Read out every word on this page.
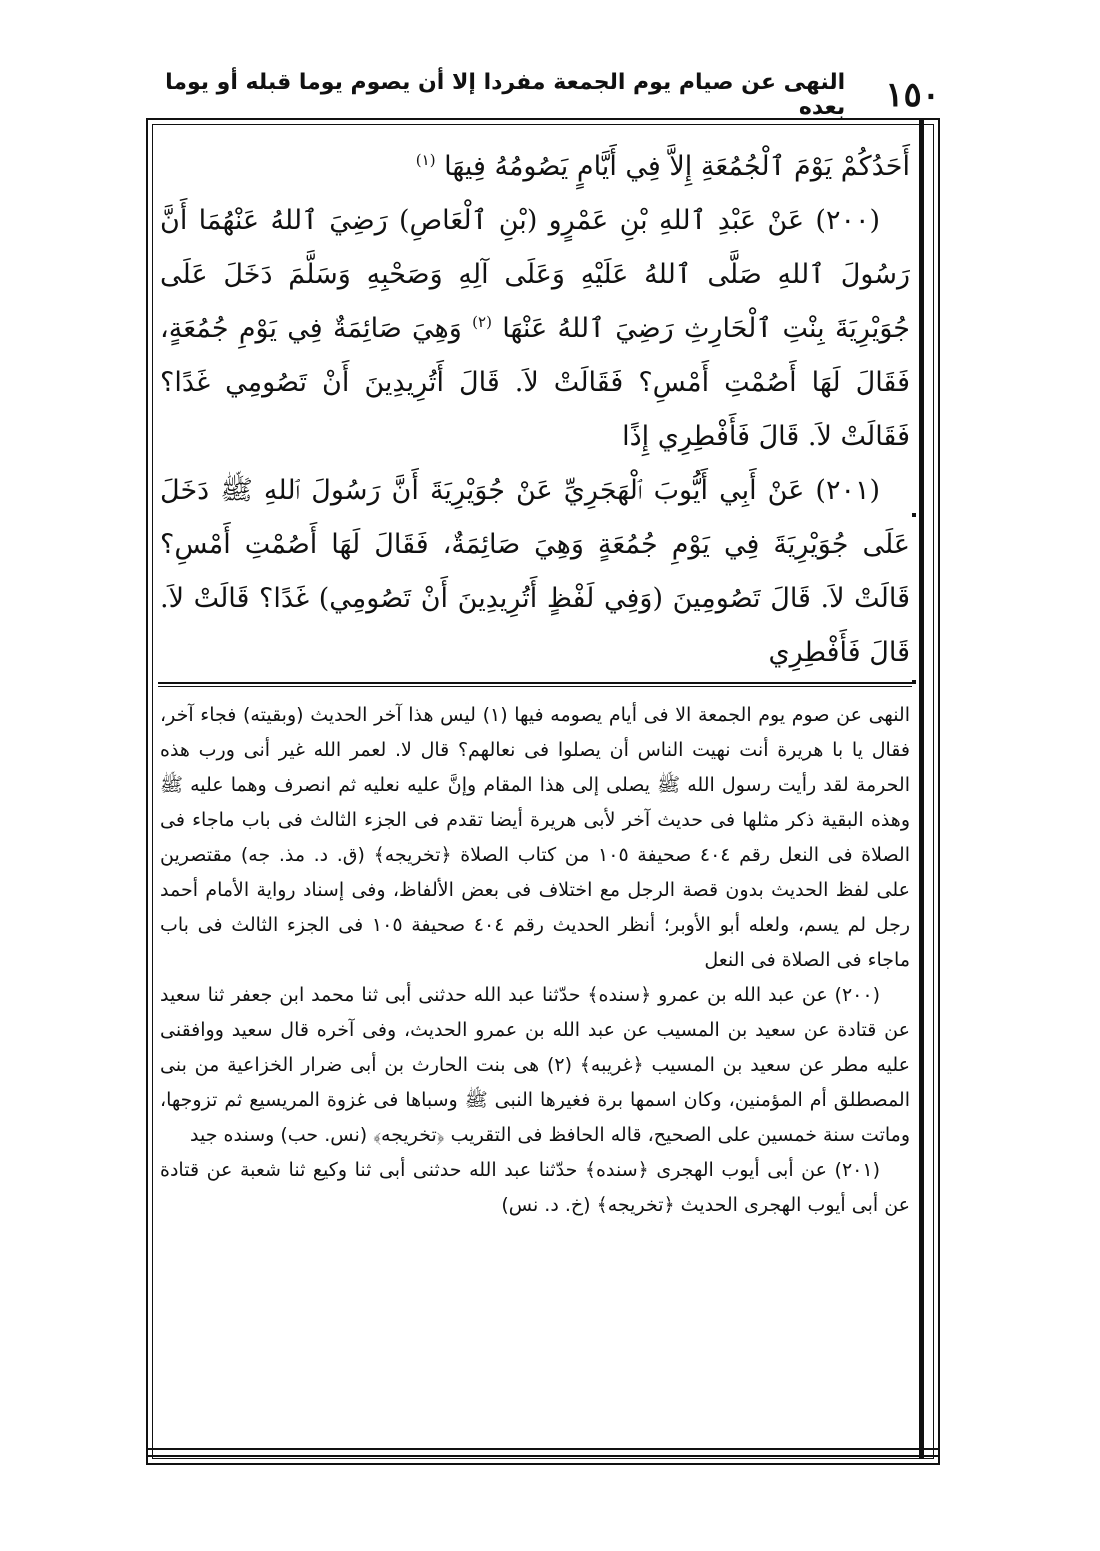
١٥٠
النهى عن صيام يوم الجمعة مفردا إلا أن يصوم يوما قبله أو يوما بعده

أَحَدُكُمْ يَوْمَ ٱلْجُمُعَةِ إِلاَّ فِي أَيَّامٍ يَصُومُهُ فِيهَا $^{(١)}$

(٢٠٠) عَنْ عَبْدِ ٱللهِ بْنِ عَمْرٍو (بْنِ ٱلْعَاصِ) رَضِيَ ٱللهُ عَنْهُمَا أَنَّ رَسُولَ ٱللهِ صَلَّى ٱللهُ عَلَيْهِ وَعَلَى آلِهِ وَصَحْبِهِ وَسَلَّمَ دَخَلَ عَلَى جُوَيْرِيَةَ بِنْتِ ٱلْحَارِثِ رَضِيَ ٱللهُ عَنْهَا $^{(٢)}$ وَهِيَ صَائِمَةٌ فِي يَوْمِ جُمُعَةٍ، فَقَالَ لَهَا أَصُمْتِ أَمْسِ؟ فَقَالَتْ لاَ. قَالَ أَتُرِيدِينَ أَنْ تَصُومِي غَدًا؟ فَقَالَتْ لاَ. قَالَ فَأَفْطِرِي إِذًا

(٢٠١) عَنْ أَبِي أَيُّوبَ ٱلْهَجَرِيِّ عَنْ جُوَيْرِيَةَ أَنَّ رَسُولَ ٱللهِ ﷺ دَخَلَ عَلَى جُوَيْرِيَةَ فِي يَوْمِ جُمُعَةٍ وَهِيَ صَائِمَةٌ، فَقَالَ لَهَا أَصُمْتِ أَمْسِ؟ قَالَتْ لاَ. قَالَ تَصُومِينَ (وَفِي لَفْظٍ أَتُرِيدِينَ أَنْ تَصُومِي) غَدًا؟ قَالَتْ لاَ. قَالَ فَأَفْطِرِي

النهى عن صوم يوم الجمعة الا فى أيام يصومه فيها (١) ليس هذا آخر الحديث (وبقيته) فجاء آخر، فقال يا با هريرة أنت نهيت الناس أن يصلوا فى نعالهم؟ قال لا. لعمر الله غير أنى ورب هذه الحرمة لقد رأيت رسول الله ﷺ يصلى إلى هذا المقام وإنَّ عليه نعليه ثم انصرف وهما عليه ﷺ وهذه البقية ذكر مثلها فى حديث آخر لأبى هريرة أيضا تقدم فى الجزء الثالث فى باب ماجاء فى الصلاة فى النعل رقم ٤٠٤ صحيفة ١٠٥ من كتاب الصلاة ﴿تخريجه﴾ (ق. د. مذ. جه) مقتصرين على لفظ الحديث بدون قصة الرجل مع اختلاف فى بعض الألفاظ، وفى إسناد رواية الأمام أحمد رجل لم يسم، ولعله أبو الأوبر؛ أنظر الحديث رقم ٤٠٤ صحيفة ١٠٥ فى الجزء الثالث فى باب ماجاء فى الصلاة فى النعل

(٢٠٠) عن عبد الله بن عمرو ﴿سنده﴾ حدّثنا عبد الله حدثنى أبى ثنا محمد ابن جعفر ثنا سعيد عن قتادة عن سعيد بن المسيب عن عبد الله بن عمرو الحديث، وفى آخره قال سعيد ووافقنى عليه مطر عن سعيد بن المسيب ﴿غريبه﴾ (٢) هى بنت الحارث بن أبى ضرار الخزاعية من بنى المصطلق أم المؤمنين، وكان اسمها برة فغيرها النبى ﷺ وسباها فى غزوة المريسيع ثم تزوجها، وماتت سنة خمسين على الصحيح، قاله الحافظ فى التقريب ﴿تخريجه﴾ (نس. حب) وسنده جيد

(٢٠١) عن أبى أيوب الهجرى ﴿سنده﴾ حدّثنا عبد الله حدثنى أبى ثنا وكيع ثنا شعبة عن قتادة عن أبى أيوب الهجرى الحديث ﴿تخريجه﴾ (خ. د. نس)
